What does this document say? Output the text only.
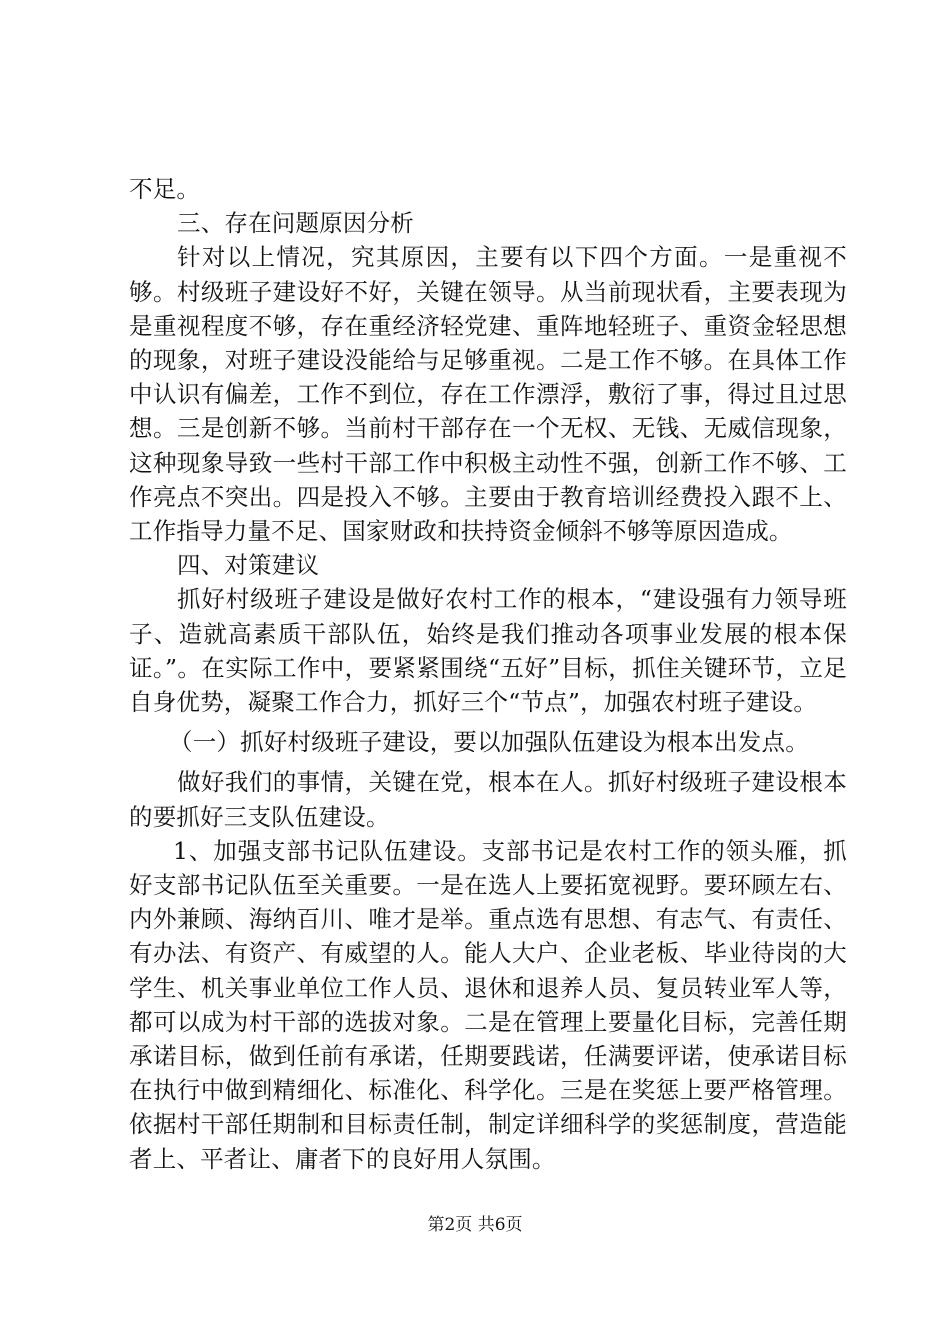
不足。

三、存在问题原因分析

针对以上情况，究其原因，主要有以下四个方面。一是重视不够。村级班子建设好不好，关键在领导。从当前现状看，主要表现为是重视程度不够，存在重经济轻党建、重阵地轻班子、重资金轻思想的现象，对班子建设没能给与足够重视。二是工作不够。在具体工作中认识有偏差，工作不到位，存在工作漂浮，敷衍了事，得过且过思想。三是创新不够。当前村干部存在一个无权、无钱、无威信现象，这种现象导致一些村干部工作中积极主动性不强，创新工作不够、工作亮点不突出。四是投入不够。主要由于教育培训经费投入跟不上、工作指导力量不足、国家财政和扶持资金倾斜不够等原因造成。

四、对策建议

抓好村级班子建设是做好农村工作的根本，“建设强有力领导班子、造就高素质干部队伍，始终是我们推动各项事业发展的根本保证。”。在实际工作中，要紧紧围绕“五好”目标，抓住关键环节，立足自身优势，凝聚工作合力，抓好三个“节点”，加强农村班子建设。

（一）抓好村级班子建设，要以加强队伍建设为根本出发点。

做好我们的事情，关键在党，根本在人。抓好村级班子建设根本的要抓好三支队伍建设。

1、加强支部书记队伍建设。支部书记是农村工作的领头雁，抓好支部书记队伍至关重要。一是在选人上要拓宽视野。要环顾左右、内外兼顾、海纳百川、唯才是举。重点选有思想、有志气、有责任、有办法、有资产、有威望的人。能人大户、企业老板、毕业待岗的大学生、机关事业单位工作人员、退休和退养人员、复员转业军人等，都可以成为村干部的选拔对象。二是在管理上要量化目标，完善任期承诺目标，做到任前有承诺，任期要践诺，任满要评诺，使承诺目标在执行中做到精细化、标准化、科学化。三是在奖惩上要严格管理。依据村干部任期制和目标责任制，制定详细科学的奖惩制度，营造能者上、平者让、庸者下的良好用人氛围。

第2页 共6页
